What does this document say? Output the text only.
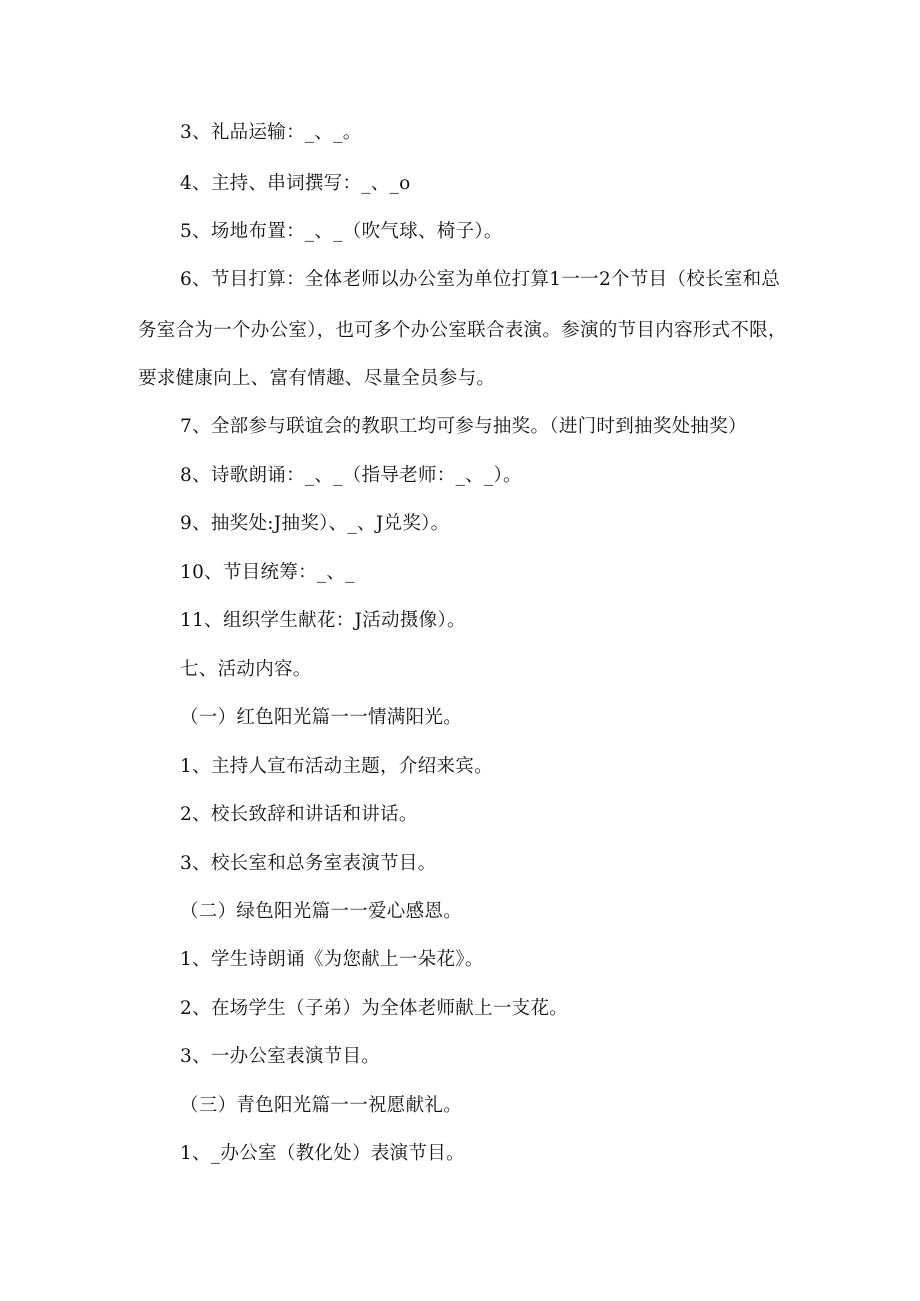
3、礼品运输：_、_。
4、主持、串词撰写：_、_o
5、场地布置：_、_（吹气球、椅子）。
6、节目打算：全体老师以办公室为单位打算1一一2个节目（校长室和总
务室合为一个办公室），也可多个办公室联合表演。参演的节目内容形式不限，
要求健康向上、富有情趣、尽量全员参与。
7、全部参与联谊会的教职工均可参与抽奖。（进门时到抽奖处抽奖）
8、诗歌朗诵：_、_（指导老师：_、_）。
9、抽奖处:J抽奖）、_、J兑奖）。
10、节目统筹：_、_
11、组织学生献花：J活动摄像）。
七、活动内容。
（一）红色阳光篇一一情满阳光。
1、主持人宣布活动主题，介绍来宾。
2、校长致辞和讲话和讲话。
3、校长室和总务室表演节目。
（二）绿色阳光篇一一爱心感恩。
1、学生诗朗诵《为您献上一朵花》。
2、在场学生（子弟）为全体老师献上一支花。
3、一办公室表演节目。
（三）青色阳光篇一一祝愿献礼。
1、_办公室（教化处）表演节目。
